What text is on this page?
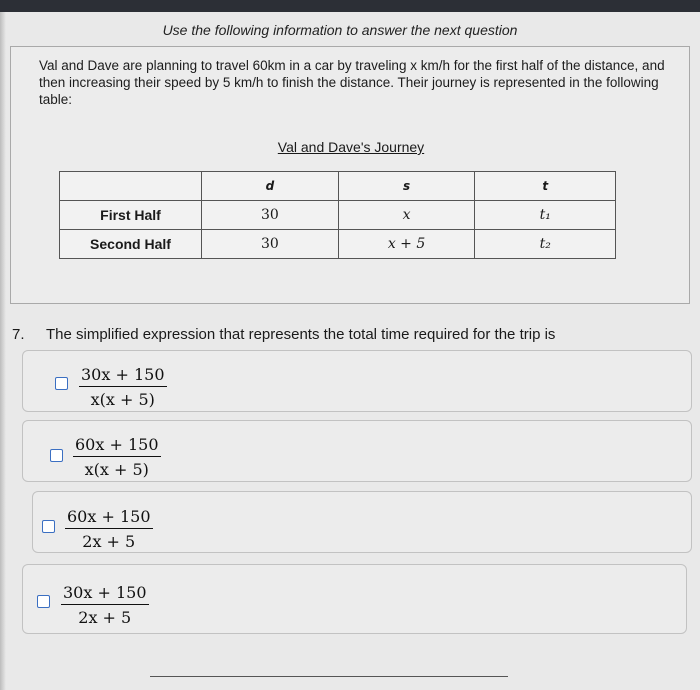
Use the following information to answer the next question
Val and Dave are planning to travel 60km in a car by traveling x km/h for the first half of the distance, and then increasing their speed by 5 km/h to finish the distance. Their journey is represented in the following table:
Val and Dave's Journey
	d	s	t
First Half	30	x	t₁
Second Half	30	x + 5	t₂
7. The simplified expression that represents the total time required for the trip is
$\frac{30x + 150}{x(x + 5)}$
$\frac{60x + 150}{x(x + 5)}$
$\frac{60x + 150}{2x + 5}$
$\frac{30x + 150}{2x + 5}$
